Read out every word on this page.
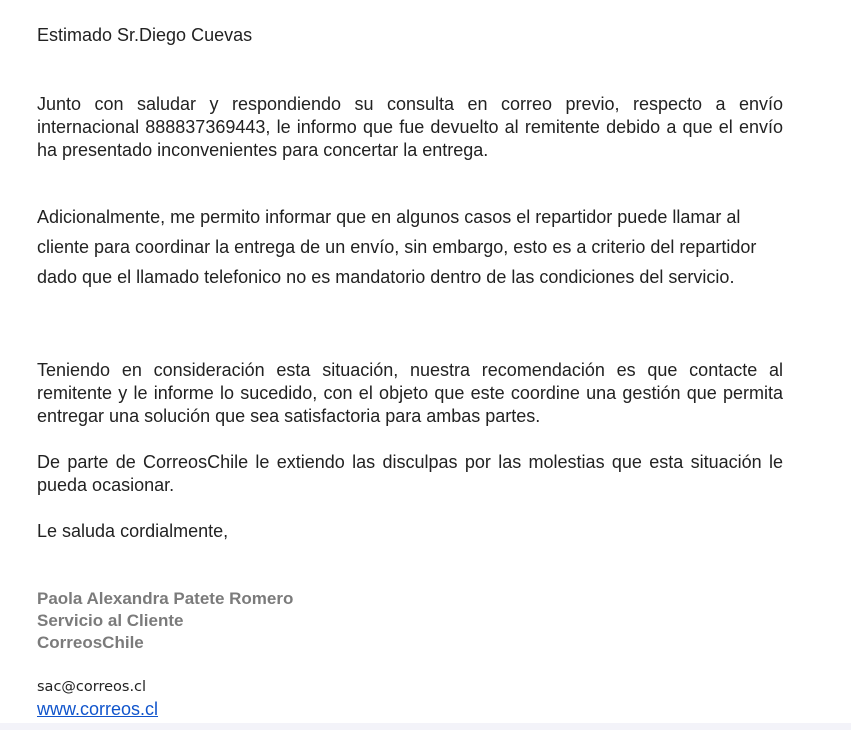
Estimado Sr.Diego Cuevas

Junto con saludar y respondiendo su consulta en correo previo, respecto a envío internacional 888837369443, le informo que fue devuelto al remitente debido a que el envío ha presentado inconvenientes para concertar la entrega.

Adicionalmente, me permito informar que en algunos casos el repartidor puede llamar al cliente para coordinar la entrega de un envío, sin embargo, esto es a criterio del repartidor dado que el llamado telefonico no es mandatorio dentro de las condiciones del servicio.

Teniendo en consideración esta situación, nuestra recomendación es que contacte al remitente y le informe lo sucedido, con el objeto que este coordine una gestión que permita entregar una solución que sea satisfactoria para ambas partes.

De parte de CorreosChile le extiendo las disculpas por las molestias que esta situación le pueda ocasionar.

Le saluda cordialmente,
Paola Alexandra Patete Romero
Servicio al Cliente
CorreosChile
sac@correos.cl
www.correos.cl
